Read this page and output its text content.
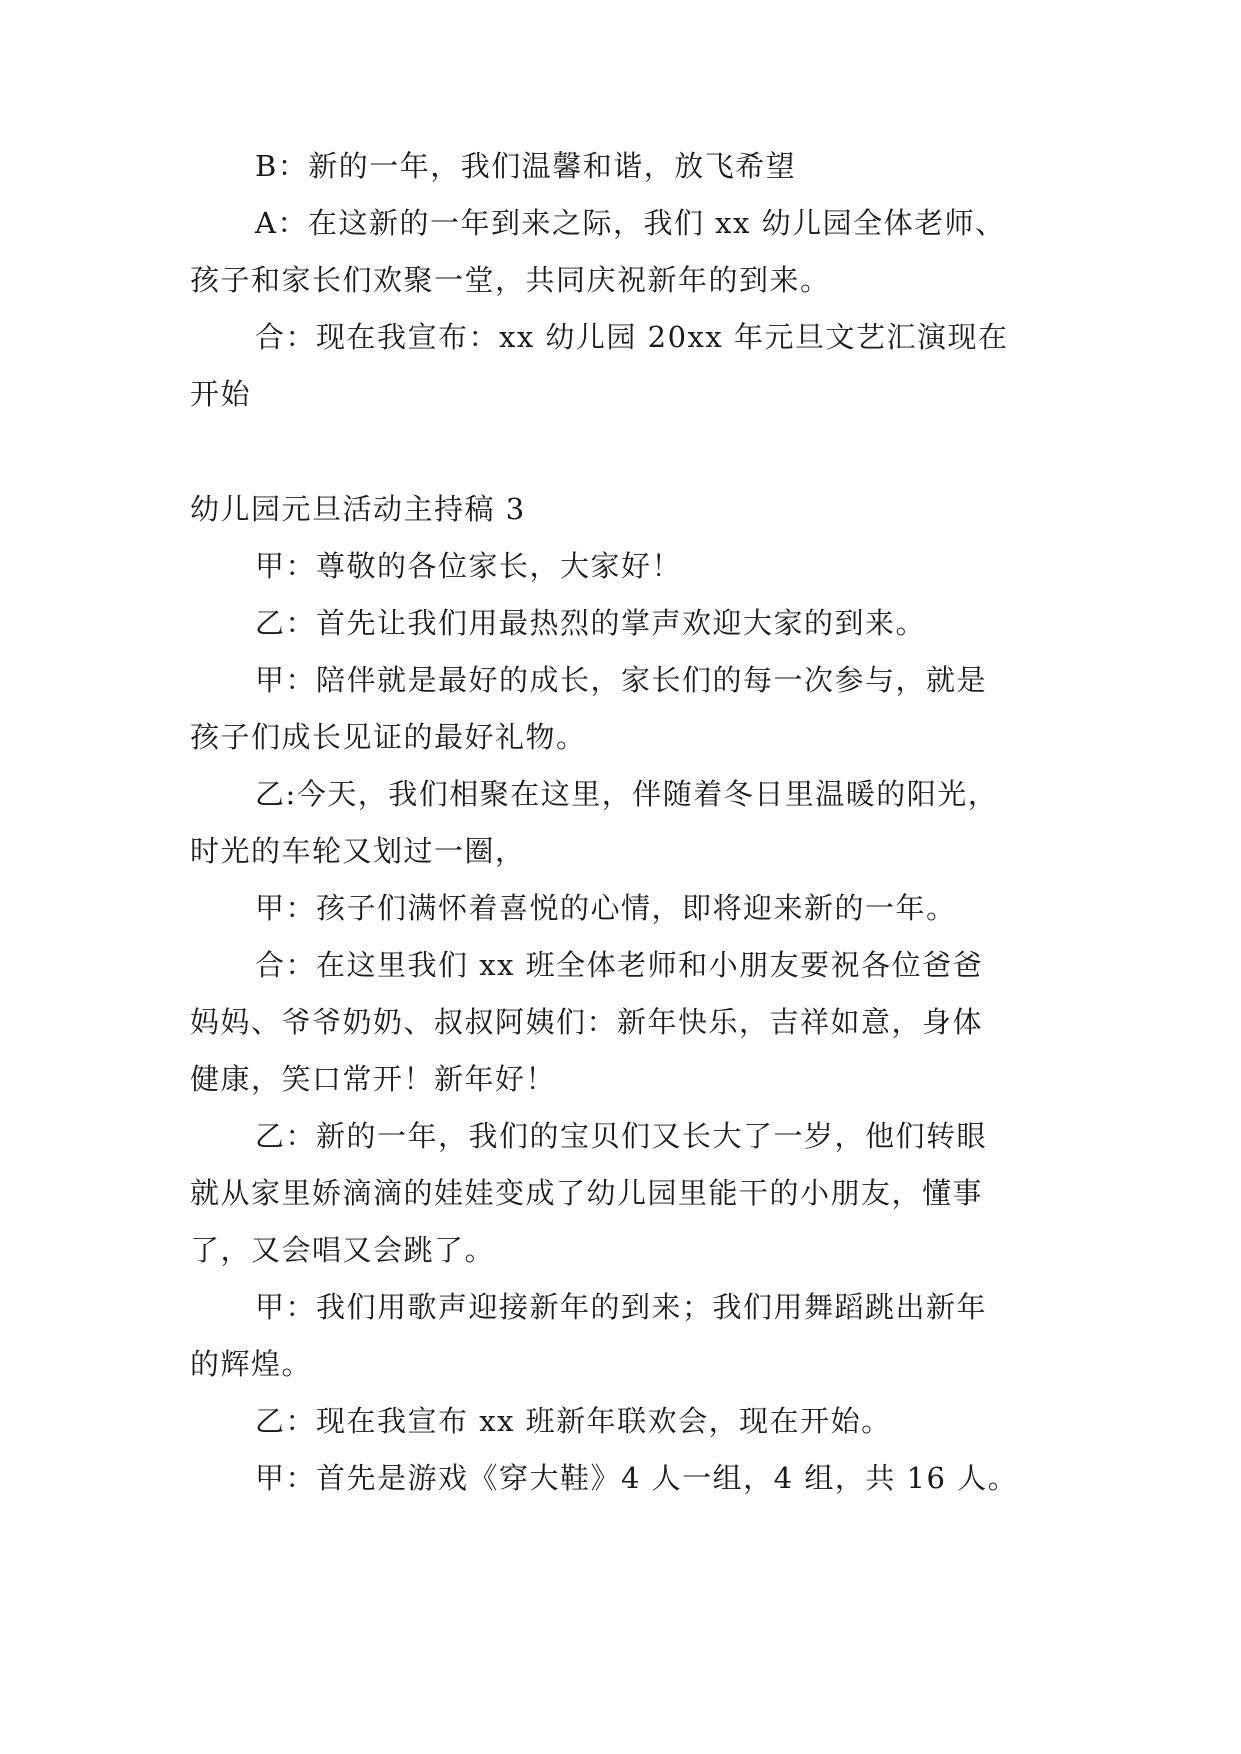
B：新的一年，我们温馨和谐，放飞希望
A：在这新的一年到来之际，我们 xx 幼儿园全体老师、
孩子和家长们欢聚一堂，共同庆祝新年的到来。
合：现在我宣布：xx 幼儿园 20xx 年元旦文艺汇演现在
开始
幼儿园元旦活动主持稿 3
甲：尊敬的各位家长，大家好！
乙：首先让我们用最热烈的掌声欢迎大家的到来。
甲：陪伴就是最好的成长，家长们的每一次参与，就是
孩子们成长见证的最好礼物。
乙:今天，我们相聚在这里，伴随着冬日里温暖的阳光，
时光的车轮又划过一圈，
甲：孩子们满怀着喜悦的心情，即将迎来新的一年。
合：在这里我们 xx 班全体老师和小朋友要祝各位爸爸
妈妈、爷爷奶奶、叔叔阿姨们：新年快乐，吉祥如意，身体
健康，笑口常开！新年好！
乙：新的一年，我们的宝贝们又长大了一岁，他们转眼
就从家里娇滴滴的娃娃变成了幼儿园里能干的小朋友，懂事
了，又会唱又会跳了。
甲：我们用歌声迎接新年的到来；我们用舞蹈跳出新年
的辉煌。
乙：现在我宣布 xx 班新年联欢会，现在开始。
甲：首先是游戏《穿大鞋》4 人一组，4 组，共 16 人。
